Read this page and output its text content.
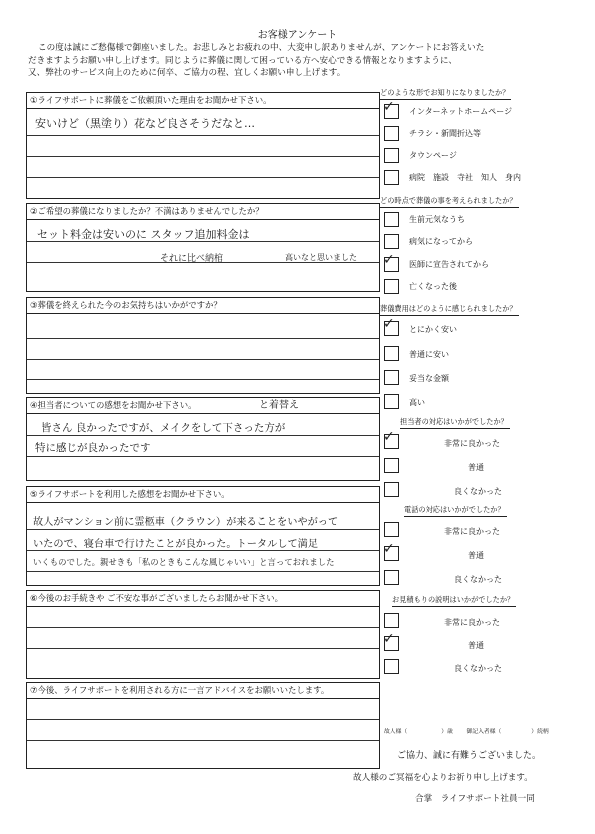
お客様アンケート
この度は誠にご愁傷様で御座いました。お悲しみとお疲れの中、大変申し訳ありませんが、アンケートにお答えいた
だきますようお願い申し上げます。同じように葬儀に関して困っている方へ安心できる情報となりますように、
又、弊社のサービス向上のために何卒、ご協力の程、宜しくお願い申し上げます。
①ライフサポートに葬儀をご依頼頂いた理由をお聞かせ下さい。
安いけど（黒塗り）花など良さそうだなと…
②ご希望の葬儀になりましたか？不満はありませんでしたか？
セット料金は安いのに スタッフ追加料金は
それに比べ納棺	高いなと思いました
③葬儀を終えられた今のお気持ちはいかがですか？
④担当者についての感想をお聞かせ下さい。	と着替え
皆さん 良かったですが、メイクをして下さった方が
特に感じが良かったです
⑤ライフサポートを利用した感想をお聞かせ下さい。
故人がマンション前に霊柩車（クラウン）が来ることをいやがって
いたので、寝台車で行けたことが良かった。トータルして満足
いくものでした。親せきも「私のときもこんな風じゃいい」と言っておれました
⑥今後のお手続きや ご不安な事がございましたらお聞かせ下さい。
⑦今後、ライフサポートを利用される方に一言アドバイスをお願いいたします。
どのような形でお知りになりましたか？
✓ インターネットホームページ
チラシ・新聞折込等
タウンページ
病院　施設　寺社　知人　身内
どの時点で葬儀の事を考えられましたか？
生前元気なうち
病気になってから
✓ 医師に宣告されてから
亡くなった後
葬儀費用はどのように感じられましたか？
✓ とにかく安い
普通に安い
妥当な金額
高い
担当者の対応はいかがでしたか？
✓	非常に良かった
普通
良くなかった
電話の対応はいかがでしたか？
非常に良かった
✓	普通
良くなかった
お見積もりの説明はいかがでしたか？
非常に良かった
✓	普通
良くなかった
故人様（	）歳 御記入者様（	）続柄
ご協力、誠に有難うございました。
故人様のご冥福を心よりお祈り申し上げます。
合掌　ライフサポート社員一同
